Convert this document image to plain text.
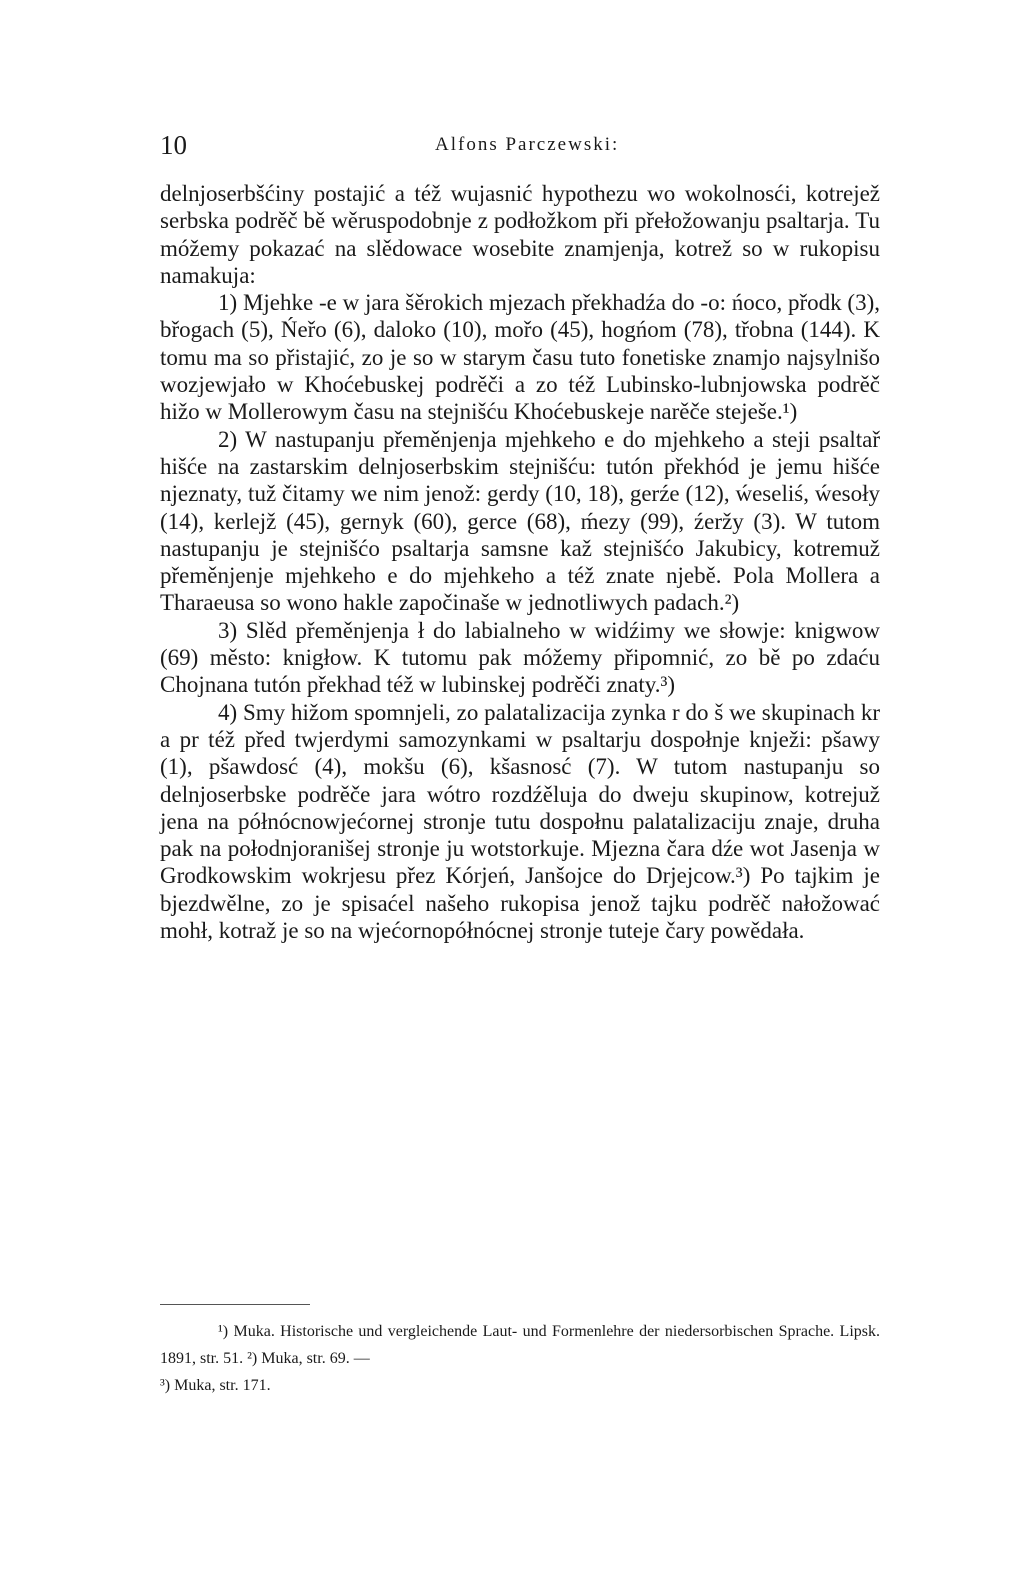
10	Alfons Parczewski:

delnjoserbšćiny postajić a též wujasnić hypothezu wo wokolnosći, kotrejež serbska podrěč bě wěruspodobnje z podłožkom při přełožowanju psaltarja. Tu móžemy pokazać na slědowace wosebite znamjenja, kotrež so w rukopisu namakuja:

1) Mjehke -e w jara šěrokich mjezach překhadźa do -o: ńoco, přodk (3), břogach (5), Ńeřo (6), daloko (10), mořo (45), hogńom (78), třobna (144). K tomu ma so přistajić, zo je so w starym času tuto fonetiske znamjo najsylnišo wozjewjało w Khoćebuskej podrěči a zo též Lubinsko-lubnjowska podrěč hižo w Mollerowym času na stejnišću Khoćebuskeje narěče steješe.¹)

2) W nastupanju přeměnjenja mjehkeho e do mjehkeho a steji psaltař hišće na zastarskim delnjoserbskim stejnišću: tutón překhód je jemu hišće njeznaty, tuž čitamy we nim jenož: gerdy (10, 18), gerźe (12), ẃeseliś, ẃesoły (14), kerlejž (45), gernyk (60), gerce (68), ḿezy (99), źeržy (3). W tutom nastupanju je stejnišćo psaltarja samsne kaž stejnišćo Jakubicy, kotremuž přeměnjenje mjehkeho e do mjehkeho a též znate njebě. Pola Mollera a Tharaeusa so wono hakle započinaše w jednotliwych padach.²)

3) Slěd přeměnjenja ł do labialneho w widźimy we słowje: knigwow (69) město: knigłow. K tutomu pak móžemy připomnić, zo bě po zdaću Chojnana tutón překhad též w lubinskej podrěči znaty.³)

4) Smy hižom spomnjeli, zo palatalizacija zynka r do š we skupinach kr a pr též před twjerdymi samozynkami w psaltarju dospołnje knježi: pšawy (1), pšawdosć (4), mokšu (6), kšasnosć (7). W tutom nastupanju so delnjoserbske podrěče jara wótro rozdźěluja do dweju skupinow, kotrejuž jena na półnócnowjećornej stronje tutu dospołnu palatalizaciju znaje, druha pak na połodnjoranišej stronje ju wotstorkuje. Mjezna čara dźe wot Jasenja w Grodkowskim wokrjesu přez Kórjeń, Janšojce do Drjejcow.³) Po tajkim je bjezdwělne, zo je spisaćel našeho rukopisa jenož tajku podrěč nałožować mohł, kotraž je so na wjećornopółnócnej stronje tuteje čary powědała.

¹) Muka. Historische und vergleichende Laut- und Formenlehre der niedersorbischen Sprache. Lipsk. 1891, str. 51. ²) Muka, str. 69. —

³) Muka, str. 171.
